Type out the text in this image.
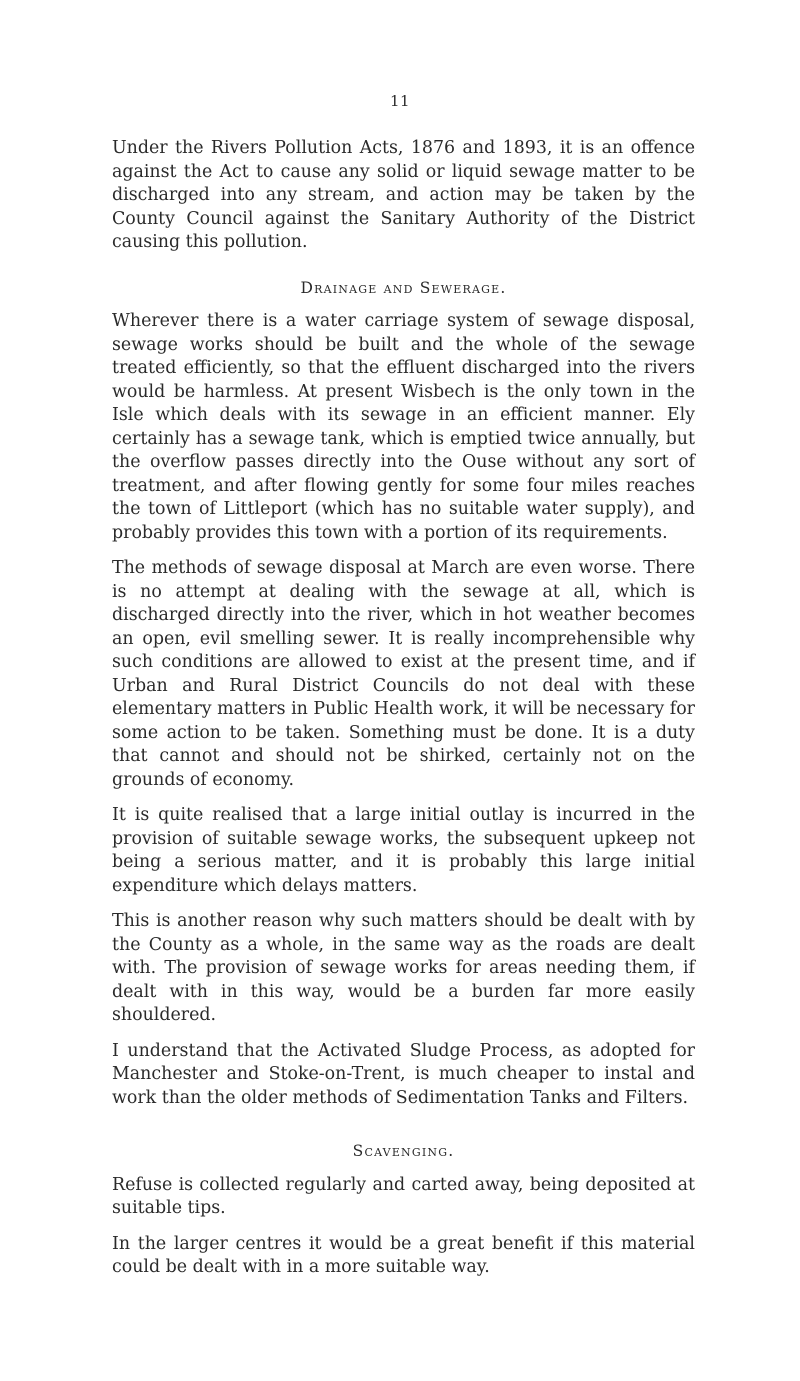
11

Under the Rivers Pollution Acts, 1876 and 1893, it is an offence against the Act to cause any solid or liquid sewage matter to be discharged into any stream, and action may be taken by the County Council against the Sanitary Authority of the District causing this pollution.

Drainage and Sewerage.

Wherever there is a water carriage system of sewage disposal, sewage works should be built and the whole of the sewage treated efficiently, so that the effluent discharged into the rivers would be harmless. At present Wisbech is the only town in the Isle which deals with its sewage in an efficient manner. Ely certainly has a sewage tank, which is emptied twice annually, but the overflow passes directly into the Ouse without any sort of treatment, and after flowing gently for some four miles reaches the town of Littleport (which has no suitable water supply), and probably provides this town with a portion of its requirements.

The methods of sewage disposal at March are even worse. There is no attempt at dealing with the sewage at all, which is discharged directly into the river, which in hot weather becomes an open, evil smelling sewer. It is really incomprehensible why such conditions are allowed to exist at the present time, and if Urban and Rural District Councils do not deal with these elementary matters in Public Health work, it will be necessary for some action to be taken. Something must be done. It is a duty that cannot and should not be shirked, certainly not on the grounds of economy.

It is quite realised that a large initial outlay is incurred in the provision of suitable sewage works, the subsequent upkeep not being a serious matter, and it is probably this large initial expenditure which delays matters.

This is another reason why such matters should be dealt with by the County as a whole, in the same way as the roads are dealt with. The provision of sewage works for areas needing them, if dealt with in this way, would be a burden far more easily shouldered.

I understand that the Activated Sludge Process, as adopted for Manchester and Stoke-on-Trent, is much cheaper to instal and work than the older methods of Sedimentation Tanks and Filters.

Scavenging.

Refuse is collected regularly and carted away, being deposited at suitable tips.

In the larger centres it would be a great benefit if this material could be dealt with in a more suitable way.
